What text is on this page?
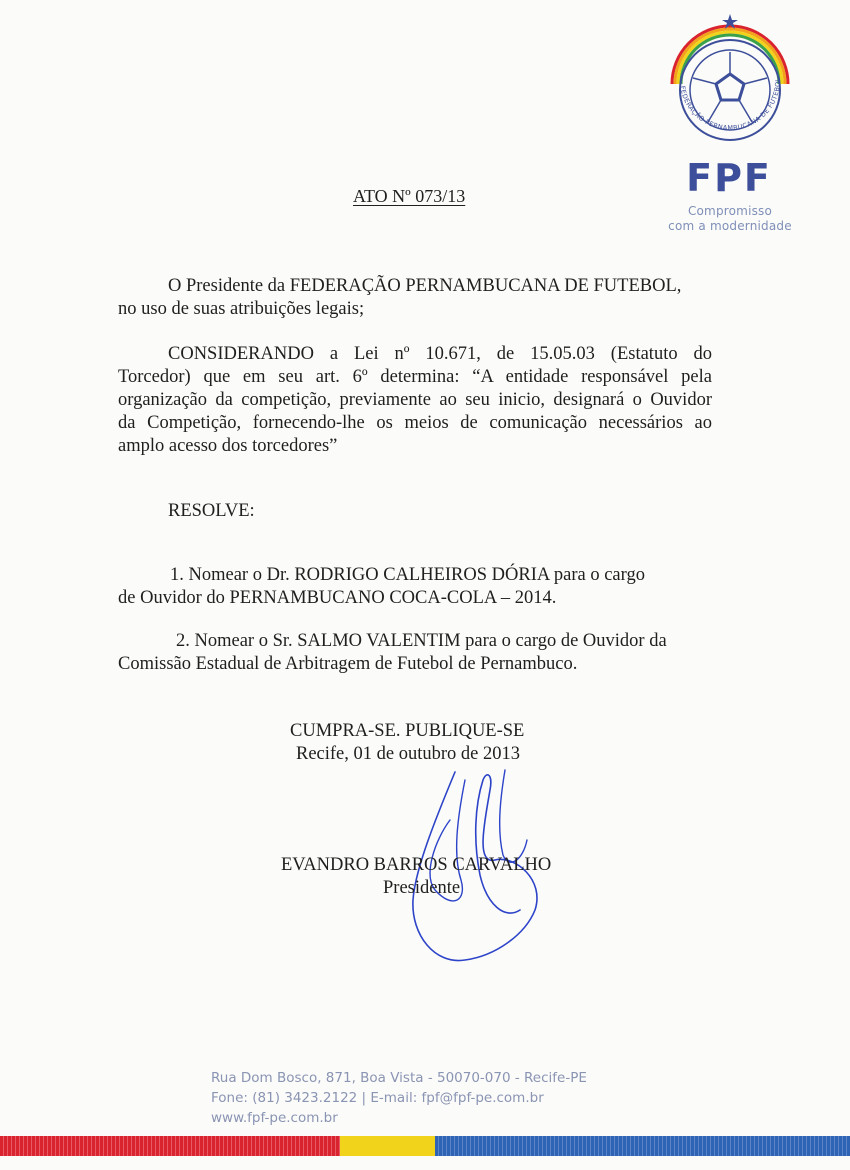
FEDERAÇÃO PERNAMBUCANA DE FUTEBOL
FPF
Compromisso
com a modernidade
ATO Nº 073/13
O Presidente da FEDERAÇÃO PERNAMBUCANA DE FUTEBOL,
no uso de suas atribuições legais;
CONSIDERANDO a Lei nº 10.671, de 15.05.03 (Estatuto do
Torcedor) que em seu art. 6º determina: “A entidade responsável pela
organização da competição, previamente ao seu inicio, designará o Ouvidor
da Competição, fornecendo-lhe os meios de comunicação necessários ao
amplo acesso dos torcedores”
RESOLVE:
1. Nomear o Dr. RODRIGO CALHEIROS DÓRIA para o cargo
de Ouvidor do PERNAMBUCANO COCA-COLA – 2014.
2. Nomear o Sr. SALMO VALENTIM para o cargo de Ouvidor da
Comissão Estadual de Arbitragem de Futebol de Pernambuco.
CUMPRA-SE. PUBLIQUE-SE
Recife, 01 de outubro de 2013
EVANDRO BARROS CARVALHO
Presidente
Rua Dom Bosco, 871, Boa Vista - 50070-070 - Recife-PE
Fone: (81) 3423.2122 | E-mail: fpf@fpf-pe.com.br
www.fpf-pe.com.br
